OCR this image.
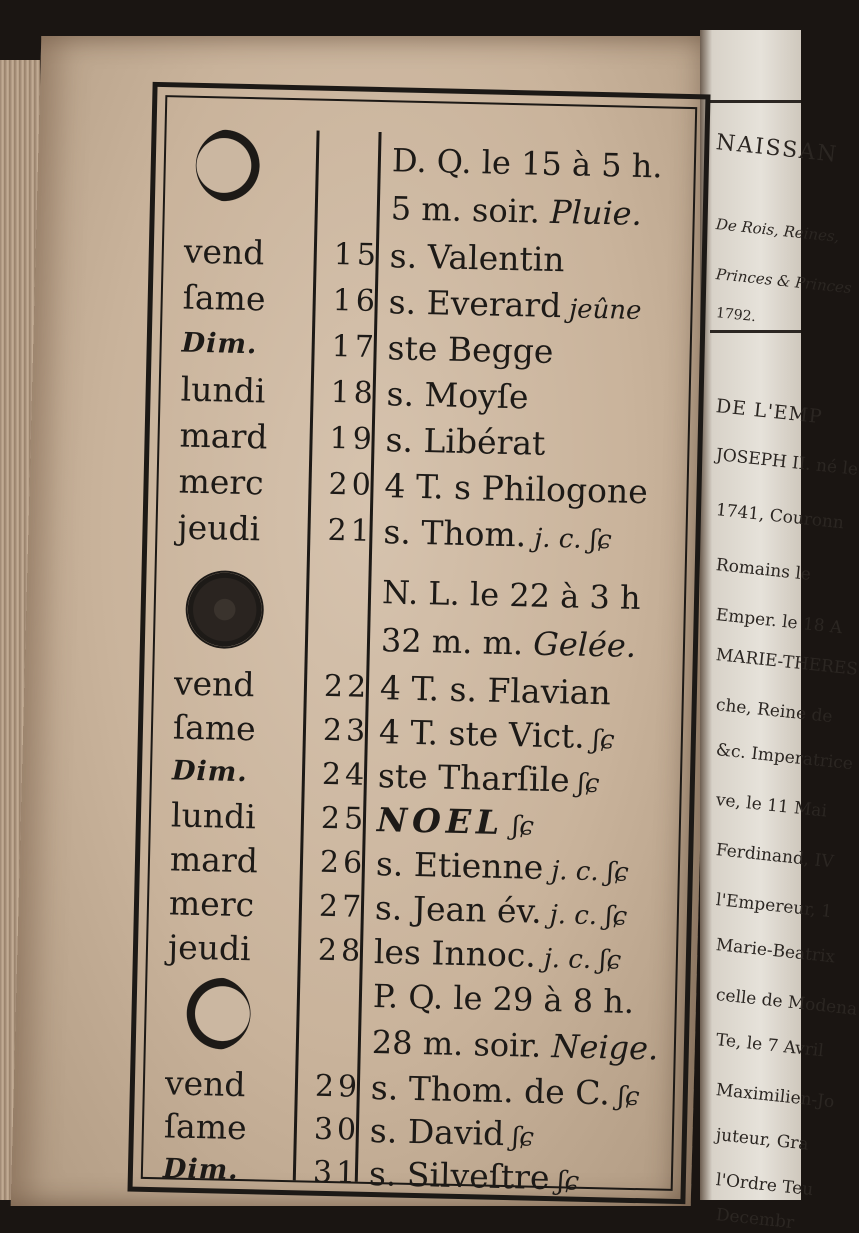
NAISSAN
De Rois, Reines,
Princes & Princes
1792.
DE L'EMP
JOSEPH II. né le
1741, Couronn
Romains le
Emper. le 18 A
MARIE-THERES
che, Reine de
&c. Imperatrice
ve, le 11 Mai
Ferdinand, IV
l'Empereur, 1
Marie-Beatrix
celle de Modena
Te, le 7 Avril
Maximilien-Jo
juteur, Gra
l'Ordre Teu
Decembr
D. Q. le 15 à 5 h.
5 m. soir. Pluie.
vend 15 s. Valentin
ſame 16 s. Everard jeûne
Dim. 17 ste Begge
lundi 18 s. Moyſe
mard 19 s. Libérat
merc 20 4 T. s Philogone
jeudi 21 s. Thom. j. c. ʃɕ
N. L. le 22 à 3 h
32 m. m. Gelée.
vend 22 4 T. s. Flavian
ſame 23 4 T. ste Vict. ʃɕ
Dim. 24 ste Tharſile ʃɕ
lundi 25 NOEL ʃɕ
mard 26 s. Etienne j. c. ʃɕ
merc 27 s. Jean év. j. c. ʃɕ
jeudi 28 les Innoc. j. c. ʃɕ
P. Q. le 29 à 8 h.
28 m. soir. Neige.
vend 29 s. Thom. de C. ʃɕ
ſame 30 s. David ʃɕ
Dim. 31 s. Silveſtre ʃɕ
